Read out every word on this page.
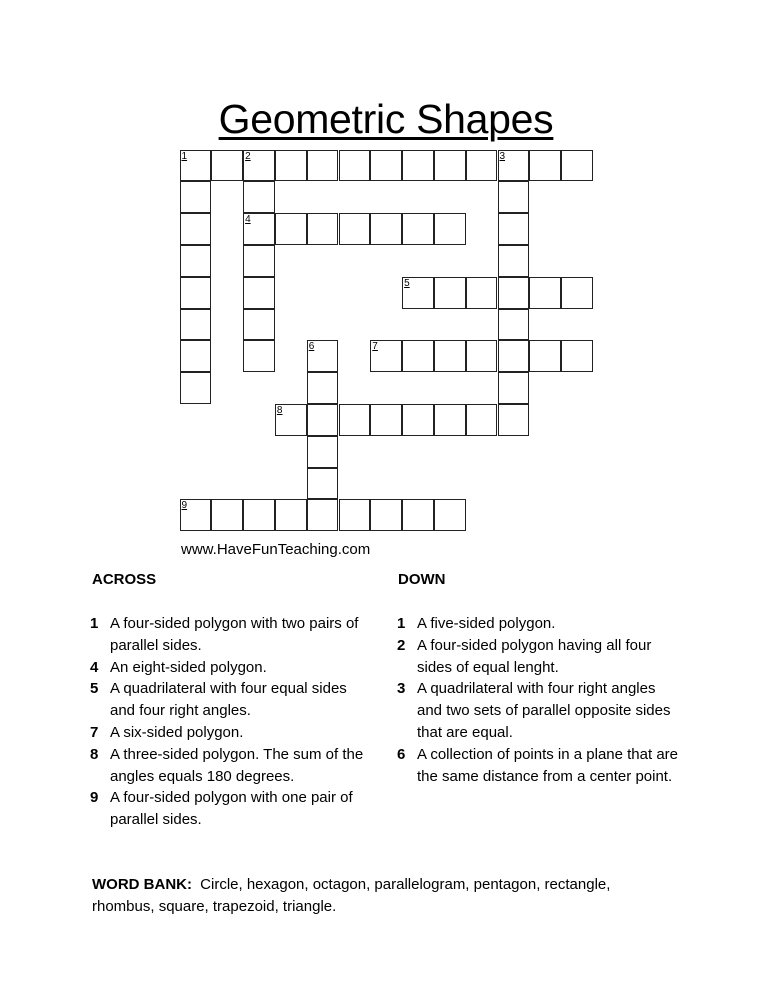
Geometric Shapes
1	2	3
4
5
6	7
8
9
www.HaveFunTeaching.com
ACROSS	DOWN
1 A four-sided polygon with two pairs of parallel sides.
4 An eight-sided polygon.
5 A quadrilateral with four equal sides and four right angles.
7 A six-sided polygon.
8 A three-sided polygon. The sum of the angles equals 180 degrees.
9 A four-sided polygon with one pair of parallel sides.
1 A five-sided polygon.
2 A four-sided polygon having all four sides of equal lenght.
3 A quadrilateral with four right angles and two sets of parallel opposite sides that are equal.
6 A collection of points in a plane that are the same distance from a center point.
WORD BANK: Circle, hexagon, octagon, parallelogram, pentagon, rectangle, rhombus, square, trapezoid, triangle.
